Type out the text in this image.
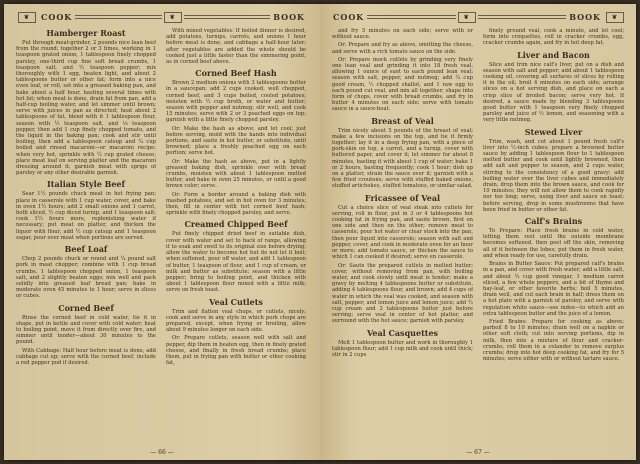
❦	COOK	❦	BOOK
Hamberger Roast

Put through meat-grinder, 2 pounds nice lean beef from the round; together 2 or 3 times, working in 1 teaspoon grated onion, 1 tablespoon finely chopped parsley, one-third cup fine soft bread crumbs, 1 teaspoon salt, and ½ teaspoon pepper; mix thoroughly with 1 egg, beaten light, and about 2 tablespoons butter or other fat; form into a nice even loaf, or roll, set into a greased baking pan, and bake about a half hour, basting several times with hot fat; when meat is done, drain fat from pan, add a half-cup boiling water, and let simmer until brown; serve with juices in pan as directed; heat about 2 tablespoons of fat, blend with it 1 tablespoon flour, season with ½ teaspoon salt, and ⅛ teaspoon pepper, then add 1 cup finely chopped tomato, and the liquid in the baking pan; cook and stir until boiling, then add a tablespoon catsup and ¼ cup boiled and rinsed macaroni—or macaroni recipe; when very hot, sprinkle with ½ cup grated cheese; place meat loaf on serving platter and the macaroni dressing around it; garnish meat with sprigs of parsley or any other desirable garnish.

Italian Style Beef

Sear 1½ pounds chuck meat in hot frying pan; place in casserole with 1 cup water, cover, and bake in oven 1½ hours; add 2 small onions and 1 carrot, both sliced, ½ cup diced turnip, and 1 teaspoon salt; cook 1½ hours more, replenishing water if necessary; put meat on platter, and thicken the liquor with flour, add ½ cup catsup and 1 teaspoon sugar, pour over meat when portions are served.

Beef Loaf

Chop 2 pounds chuck or round and ¼ pound salt pork in meat chopper; combine with 1 cup bread crumbs, 1 tablespoon chopped onion, 1 teaspoon salt, and 2 slightly beaten eggs; mix well and pack solidly into greased loaf bread pan; bake in moderate oven 45 minutes to 1 hour; serve in slices or cubes.

Corned Beef

Rinse the corned beef in cold water, tie it in shape, put in kettle and cover with cold water; heat to boiling point, move it from directly over fire, and simmer until tender—about 30 minutes to the pound.

With Cabbage: Half hour before meat is done, add cabbage cut up; serve with the corned beef; include a red pepper pod if desired.

With mixed vegetables: If boiled dinner is desired, add potatoes, turnips, carrots, and onions 1 hour before meat is done, and cabbage a half-hour later; after vegetables are added the whole should be cooked just a little faster than the simmering point, as in corned beef above.

Corned Beef Hash

Brown 2 medium onions with 3 tablespoons butter in a saucepan; add 2 cups cooked, well chopped, corned beef, and 3 cups boiled, cooled potatoes; moisten with ½ cup broth, or water and butter; season with pepper and nutmeg; stir well, and cook 15 minutes; serve with 2 or 3 poached eggs on top; garnish with a little finely chopped parsley.

Or: Make the hash as above; and let cool; just before serving, mold with the hands into individual portions, and saute in hot butter, or substitute, until browned; place a freshly poached egg on each portion; serve hot.

Or: Make the hash as above, put in a lightly greased baking dish, sprinkle over with bread crumbs, moisten with about 1 tablespoon melted butter, and bake in oven 25 minutes, or until a good brown color; serve.

Or: Form a border around a baking dish with mashed potatoes, and set in hot oven for 3 minutes; then, fill in center with hot corned beef hash; sprinkle with finely chopped parsley, and serve.

Creamed Chipped Beef

Put finely chipped dried beef in suitable dish, cover with water and set to back of range, allowing it to soak and swell to its original size before drying; allow the water to become hot but do not let it boil; when softened, pour off water, and add 1 tablespoon of butter, 1 teaspoon of flour, and 1 cup of cream, or milk and butter as substitute; season with a little pepper; bring to boiling point, and thicken with about 1 tablespoon flour mixed with a little milk; serve on fresh toast.

Veal Cutlets

Trim and flatten veal chops, or cutlets, nicely; cook and serve in any style in which pork chops are prepared, except, when frying or broiling, allow about 9 minutes longer on each side.

Or: Prepare cutlets, season well with salt and pepper, dip them in beaten egg, then in finely grated cheese, and finally in fresh bread crumbs; place them, put in frying pan with butter or other cooking fat,

— 66 —
COOK	❦	BOOK	❦

and fry 5 minutes on each side; serve with or without sauce.

Or: Prepare and fry as above, omitting the cheese, and serve with a rich tomato sauce on the side.

Or: Prepare mock cutlets by grinding very finely one lean veal and grinding it into 18 fresh veal, allowing 1 ounce of suet to each pound lean veal; season with salt, pepper, and nutmeg; add ¼ cup good cream, ½ chopped shallot, and 1 raw egg to each pound cut veal, and mix all together; shape into form of chops, cover with bread crumbs, and fry in butter 4 minutes on each side; serve with tomato sauce in a sauce-boat.

Breast of Veal

Trim nicely about 5 pounds of the breast of veal; make a few incisions on the top, and tie it firmly together; lay it in a deep frying pan, with a piece of pork-skin on top, a carrot, and a turnip, cover with buttered paper, and cover it; let simmer for about 8 minutes, basting it with about 1 cup of water; bake 1 or 2 hours, basting frequently; cook 1 hour; dish up on a platter, strain the sauce over it; garnish with a few fried croutons; serve with stuffed baked onions, stuffed artichokes, stuffed tomatoes, or similar salad.

Fricassee of Veal

Cut a choice slice of veal steak into cutlets for serving, roll in flour, put in 3 or 4 tablespoons hot cooking fat in frying pan, and saute brown, first on one side and then on the other; remove meat to casserole; pour hot water or clear stock into the pan, then pour liquid into casserole; season with salt and pepper, cover, and cook in moderate oven for an hour or more; add tomato sauce, or thicken the sauce to which 1 can cooked if desired; serve en casserole.

Or: Saute the prepared cutlets in melted butter; cover, without removing from pan, with boiling water, and cook slowly until meat is tender; make a gravy by melting 4 tablespoons butter or substitute, adding 4 tablespoons flour, and brown; add 4 cups of water in which the veal was cooked, and season with salt, pepper, and lemon juice and lemon juice; add ½ cup cream and 2 tablespoons butter just before serving; serve veal in center of hot platter, and surround with the hot sauce; garnish with parsley.

Veal Casquettes

Melt 1 tablespoon butter and work in thoroughly 1 tablespoon flour; add 1 cup milk and cook until thick; stir in 2 cups

finely ground veal, cook a minute, and let cool; form into croquettes, roll in cracker crumbs, egg, cracker crumbs again, and fry in hot deep fat.

Liver and Bacon

Slice and trim nice calf's liver, put on a dish and season with salt and pepper; add about 1 tablespoon cooking oil, covering all surfaces of slices by rolling it in the oil; broil 4 minutes on each side; arrange slices on a hot serving dish, and place on each a crisp slice of broiled bacon; serve very hot. If desired, a sauce made by blending 3 tablespoons good butter with 1 teaspoon very finely chopped parsley and juice of ½ lemon, and seasoning with a very little nutmeg.

Stewed Liver

Trim, wash, and cut about 1 pound fresh calf's liver into ½-inch cubes; prepare a browned butter sauce by adding 1 tablespoon flour to 1 tablespoon melted butter and cook until lightly browned, then add salt and pepper to season, and 2 cups water, stirring to the consistency of a good gravy; add boiling water over the liver cubes and immediately drain, drop them into the brown sauce, and cook for 10 minutes; they will not allow them to cook rapidly nor too long; serve, using liver and sauce on toast; before serving, drop in some mushrooms that have been fried in butter or other fat.

Calf's Brains

To Prepare: Place fresh brains in cold water, letting them rest until the outside membrane becomes softened, then peel off the skin, removing all of it between the lobes; put them in fresh water, and when ready for use, carefully drain.

Brains in Butter Sauce: Put prepared calf's brains in a pan, and cover with fresh water; add a little salt, and about ¼ cup good vinegar, 1 medium carrot sliced, a few whole peppers, and a bit of thyme and bay-leaf, or other favorite herbs; boil 5 minutes, drain well, and cut each brain in half; dress them on a hot plate with a garnish of parsley, and serve with regulation white sauce—see index—to which add an extra tablespoon butter and the juice of a lemon.

Fried Brains: Prepare for cooking as above; parboil 8 to 10 minutes; drain well on a napkin or other soft cloth; cut into serving portions, dip in milk, then into a mixture of flour and cracker-crumbs, roll them in a colander to remove surplus crumbs; drop into hot deep cooking fat, and fry for 5 minutes; serve either with or without tartare sauce.

— 67 —
